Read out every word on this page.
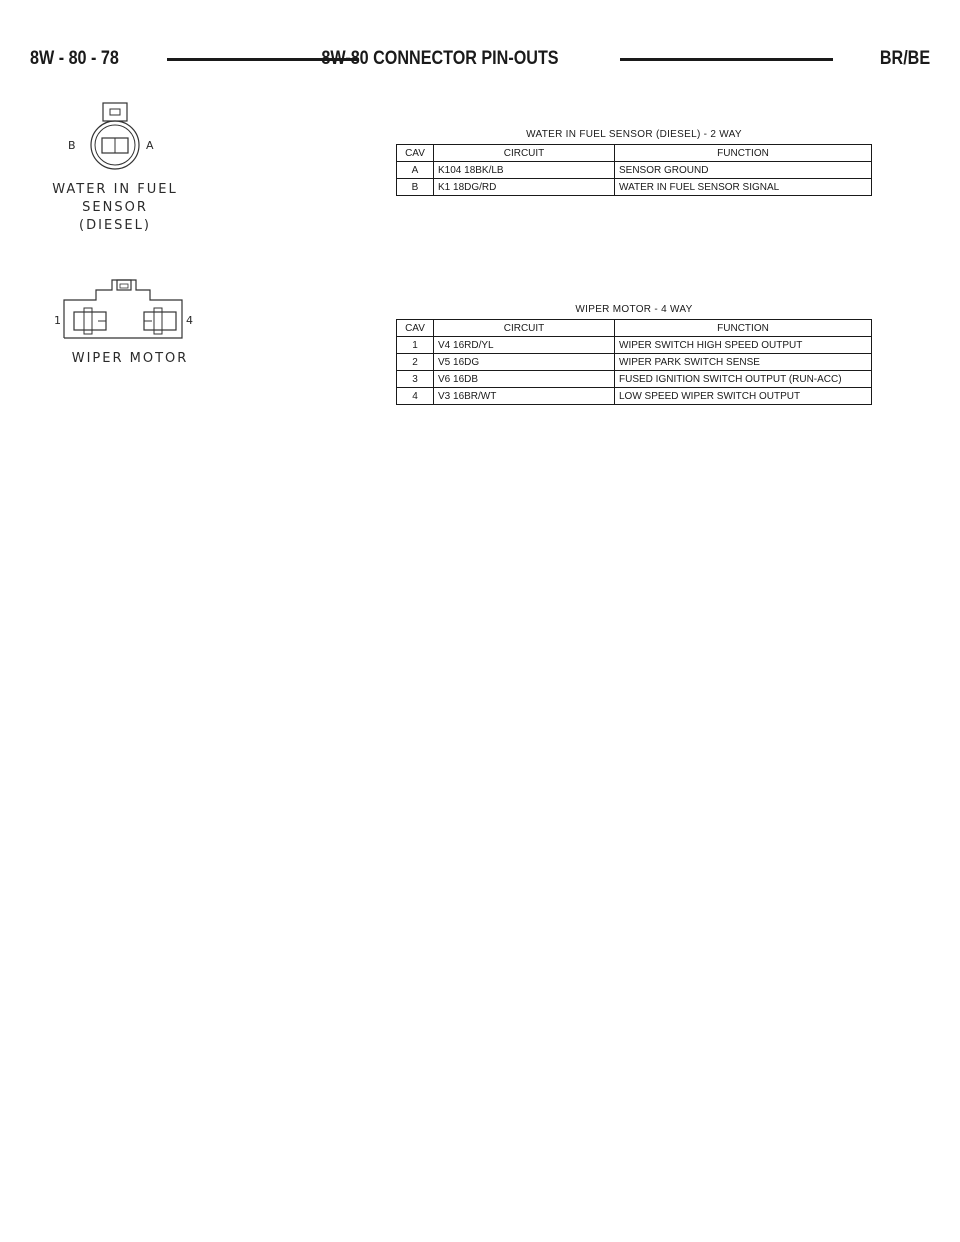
8W - 80 - 78	8W-80 CONNECTOR PIN-OUTS	BR/BE
B	A
WATER IN FUEL
SENSOR
(DIESEL)
1	4
WIPER MOTOR
WATER IN FUEL SENSOR (DIESEL) - 2 WAY
CAV	CIRCUIT	FUNCTION
A	K104 18BK/LB	SENSOR GROUND
B	K1 18DG/RD	WATER IN FUEL SENSOR SIGNAL
WIPER MOTOR - 4 WAY
CAV	CIRCUIT	FUNCTION
1	V4 16RD/YL	WIPER SWITCH HIGH SPEED OUTPUT
2	V5 16DG	WIPER PARK SWITCH SENSE
3	V6 16DB	FUSED IGNITION SWITCH OUTPUT (RUN-ACC)
4	V3 16BR/WT	LOW SPEED WIPER SWITCH OUTPUT
